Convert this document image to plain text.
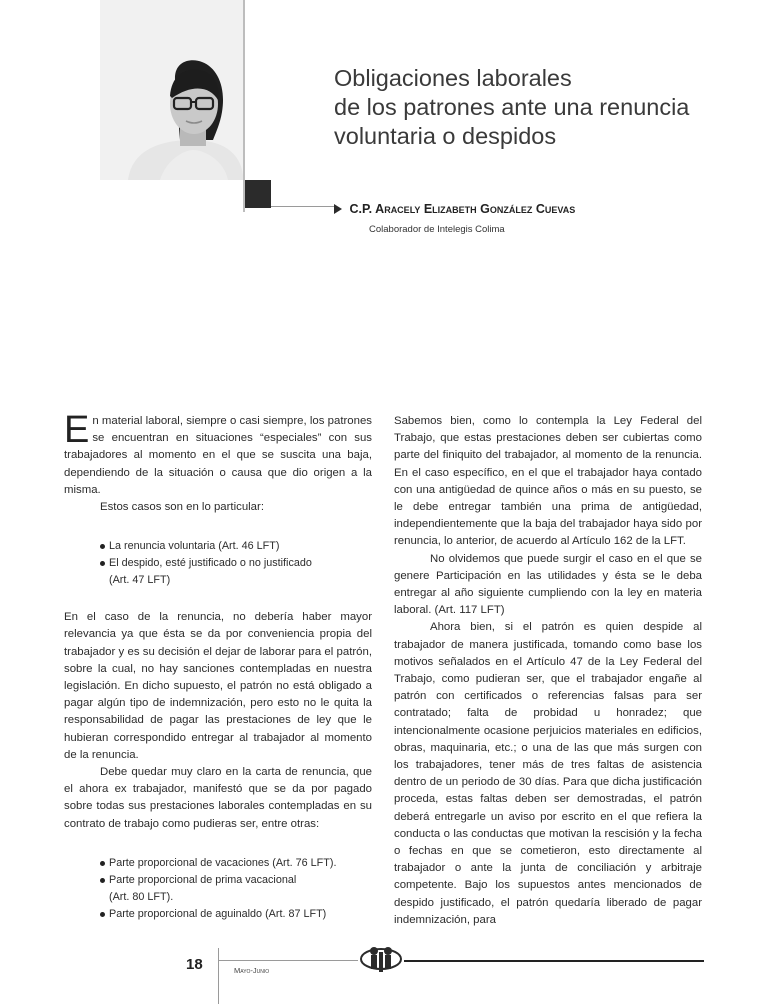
Obligaciones laborales
de los patrones ante una renuncia
voluntaria o despidos
C.P. Aracely Elizabeth González Cuevas
Colaborador de Intelegis Colima

En material laboral, siempre o casi siempre, los patrones se encuentran en situaciones “especiales” con sus trabajadores al momento en el que se suscita una baja, dependiendo de la situación o causa que dio origen a la misma.

Estos casos son en lo particular:

La renuncia voluntaria (Art. 46 LFT)
El despido, esté justificado o no justificado
(Art. 47 LFT)

En el caso de la renuncia, no debería haber mayor relevancia ya que ésta se da por conveniencia propia del trabajador y es su decisión el dejar de laborar para el patrón, sobre la cual, no hay sanciones contempladas en nuestra legislación. En dicho supuesto, el patrón no está obligado a pagar algún tipo de indemnización, pero esto no le quita la responsabilidad de pagar las prestaciones de ley que le hubieran correspondido entregar al trabajador al momento de la renuncia.

Debe quedar muy claro en la carta de renuncia, que el ahora ex trabajador, manifestó que se da por pagado sobre todas sus prestaciones laborales contempladas en su contrato de trabajo como pudieras ser, entre otras:

Parte proporcional de vacaciones (Art. 76 LFT).
Parte proporcional de prima vacacional
(Art. 80 LFT).
Parte proporcional de aguinaldo (Art. 87 LFT)

Sabemos bien, como lo contempla la Ley Federal del Trabajo, que estas prestaciones deben ser cubiertas como parte del finiquito del trabajador, al momento de la renuncia. En el caso específico, en el que el trabajador haya contado con una antigüedad de quince años o más en su puesto, se le debe entregar también una prima de antigüedad, independientemente que la baja del trabajador haya sido por renuncia, lo anterior, de acuerdo al Artículo 162 de la LFT.

No olvidemos que puede surgir el caso en el que se genere Participación en las utilidades y ésta se le deba entregar al año siguiente cumpliendo con la ley en materia laboral. (Art. 117 LFT)

Ahora bien, si el patrón es quien despide al trabajador de manera justificada, tomando como base los motivos señalados en el Artículo 47 de la Ley Federal del Trabajo, como pudieran ser, que el trabajador engañe al patrón con certificados o referencias falsas para ser contratado; falta de probidad u honradez; que intencionalmente ocasione perjuicios materiales en edificios, obras, maquinaria, etc.; o una de las que más surgen con los trabajadores, tener más de tres faltas de asistencia dentro de un periodo de 30 días. Para que dicha justificación proceda, estas faltas deben ser demostradas, el patrón deberá entregarle un aviso por escrito en el que refiera la conducta o las conductas que motivan la rescisión y la fecha o fechas en que se cometieron, esto directamente al trabajador o ante la junta de conciliación y arbitraje competente. Bajo los supuestos antes mencionados de despido justificado, el patrón quedaría liberado de pagar indemnización, para

18	Mayo-Junio
